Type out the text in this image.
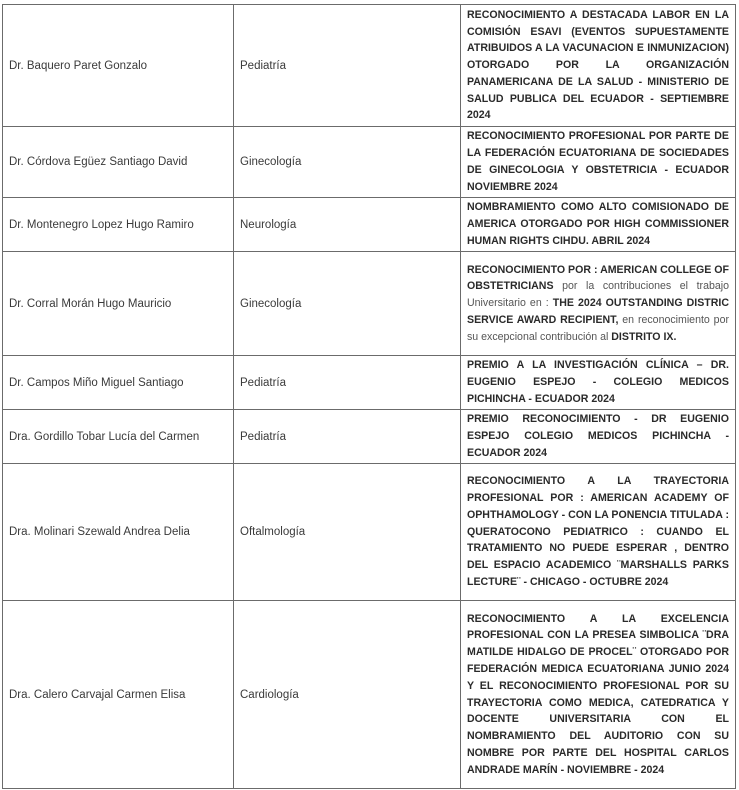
Dr. Baquero Paret Gonzalo	Pediatría	RECONOCIMIENTO A DESTACADA LABOR EN LA COMISIÓN ESAVI (EVENTOS SUPUESTAMENTE ATRIBUIDOS A LA VACUNACION E INMUNIZACION) OTORGADO POR LA ORGANIZACIÓN PANAMERICANA DE LA SALUD - MINISTERIO DE SALUD PUBLICA DEL ECUADOR - SEPTIEMBRE 2024
Dr. Córdova Egüez Santiago David	Ginecología	RECONOCIMIENTO PROFESIONAL POR PARTE DE LA FEDERACIÓN ECUATORIANA DE SOCIEDADES DE GINECOLOGIA Y OBSTETRICIA - ECUADOR NOVIEMBRE 2024
Dr. Montenegro Lopez Hugo Ramiro	Neurología	NOMBRAMIENTO COMO ALTO COMISIONADO DE AMERICA OTORGADO POR HIGH COMMISSIONER HUMAN RIGHTS CIHDU. ABRIL 2024
Dr. Corral Morán Hugo Mauricio	Ginecología	RECONOCIMIENTO POR : AMERICAN COLLEGE OF OBSTETRICIANS por la contribuciones el trabajo Universitario en : THE 2024 OUTSTANDING DISTRIC SERVICE AWARD RECIPIENT, en reconocimiento por su excepcional contribución al DISTRITO IX.
Dr. Campos Miño Miguel Santiago	Pediatría	PREMIO A LA INVESTIGACIÓN CLÍNICA – DR. EUGENIO ESPEJO - COLEGIO MEDICOS PICHINCHA - ECUADOR 2024
Dra. Gordillo Tobar Lucía del Carmen	Pediatría	PREMIO RECONOCIMIENTO - DR EUGENIO ESPEJO COLEGIO MEDICOS PICHINCHA - ECUADOR 2024
Dra. Molinari Szewald Andrea Delia	Oftalmología	RECONOCIMIENTO A LA TRAYECTORIA PROFESIONAL POR : AMERICAN ACADEMY OF OPHTHAMOLOGY - CON LA PONENCIA TITULADA : QUERATOCONO PEDIATRICO : CUANDO EL TRATAMIENTO NO PUEDE ESPERAR , DENTRO DEL ESPACIO ACADEMICO ¨MARSHALLS PARKS LECTURE¨ - CHICAGO - OCTUBRE 2024
Dra. Calero Carvajal Carmen Elisa	Cardiología	RECONOCIMIENTO A LA EXCELENCIA PROFESIONAL CON LA PRESEA SIMBOLICA ¨DRA MATILDE HIDALGO DE PROCEL¨ OTORGADO POR FEDERACIÓN MEDICA ECUATORIANA JUNIO 2024 Y EL RECONOCIMIENTO PROFESIONAL POR SU TRAYECTORIA COMO MEDICA, CATEDRATICA Y DOCENTE UNIVERSITARIA CON EL NOMBRAMIENTO DEL AUDITORIO CON SU NOMBRE POR PARTE DEL HOSPITAL CARLOS ANDRADE MARÍN - NOVIEMBRE - 2024
